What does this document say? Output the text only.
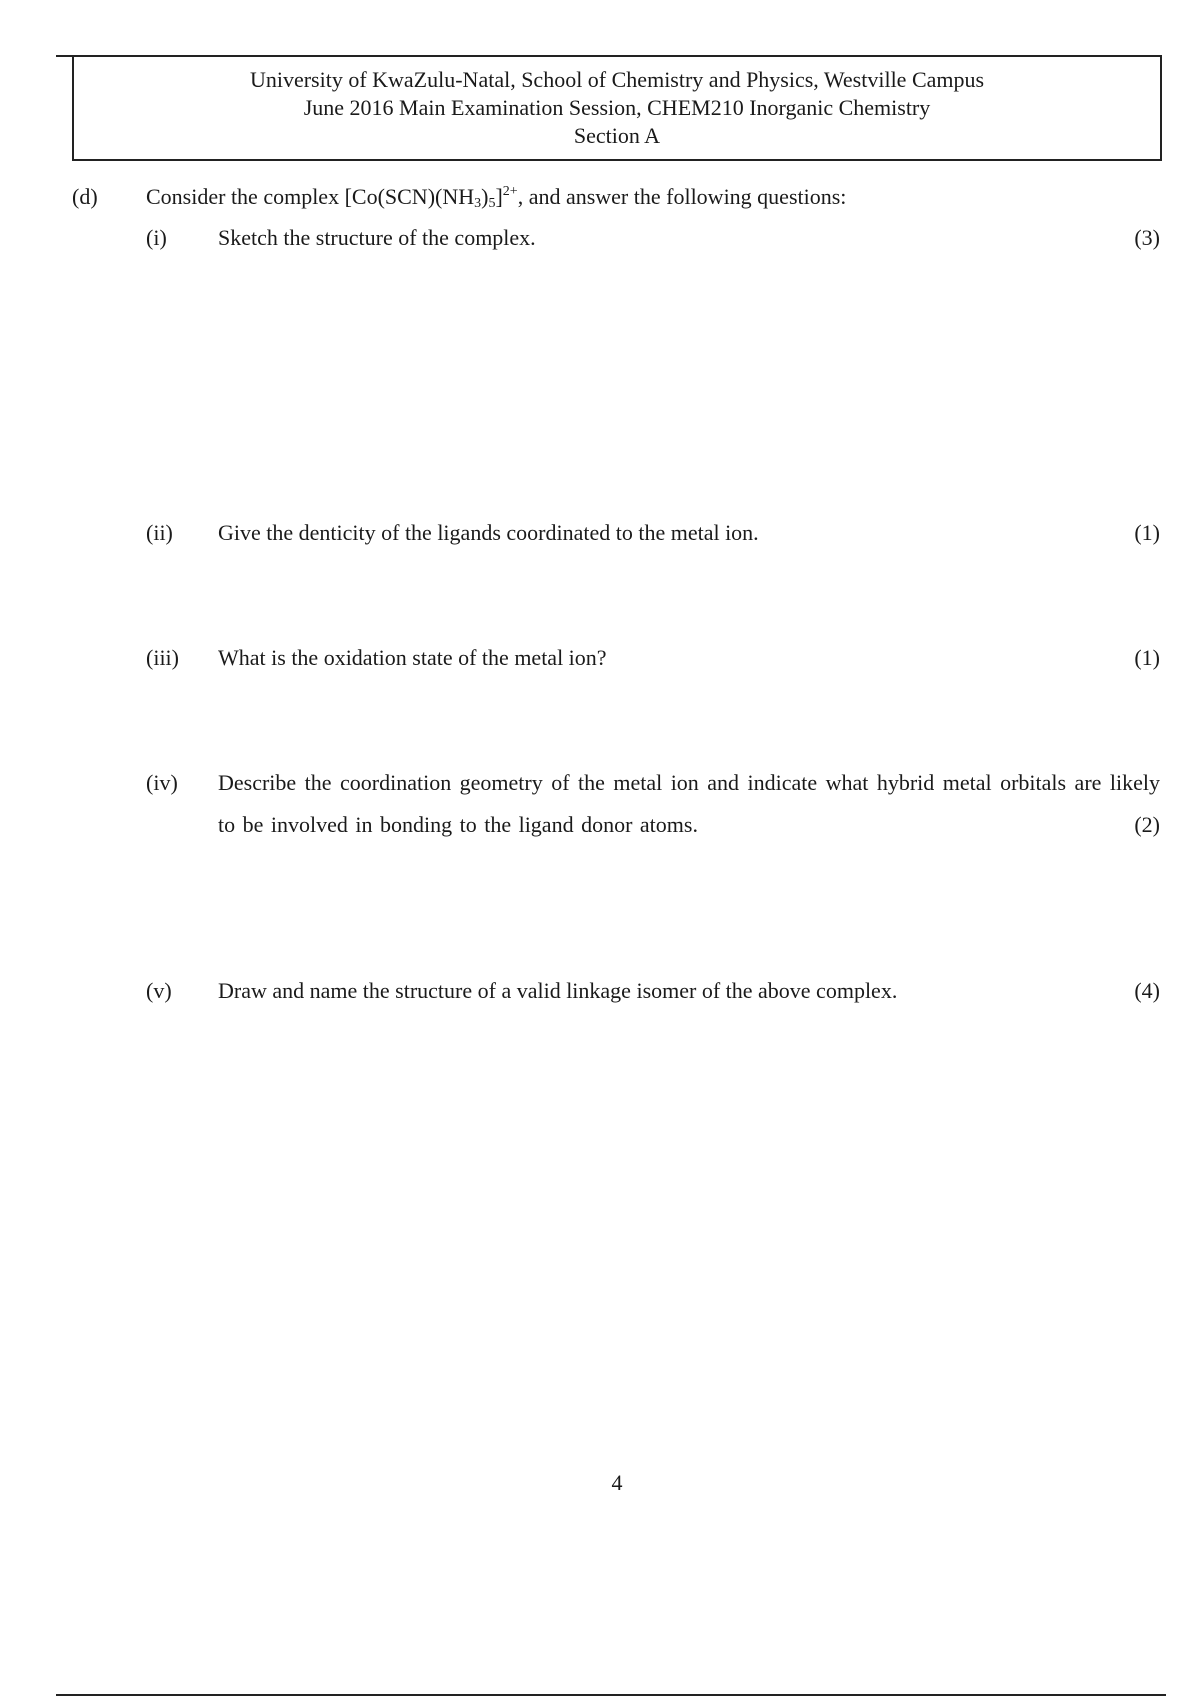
University of KwaZulu-Natal, School of Chemistry and Physics, Westville Campus
June 2016 Main Examination Session, CHEM210 Inorganic Chemistry
Section A
(d) Consider the complex $[Co(SCN)(NH_3)_5]^{2+}$, and answer the following questions:
(i) Sketch the structure of the complex.	(3)
(ii) Give the denticity of the ligands coordinated to the metal ion.	(1)
(iii) What is the oxidation state of the metal ion?	(1)
(iv) Describe the coordination geometry of the metal ion and indicate what hybrid metal orbitals are likely to be involved in bonding to the ligand donor atoms.	(2)
(v) Draw and name the structure of a valid linkage isomer of the above complex.	(4)
4
